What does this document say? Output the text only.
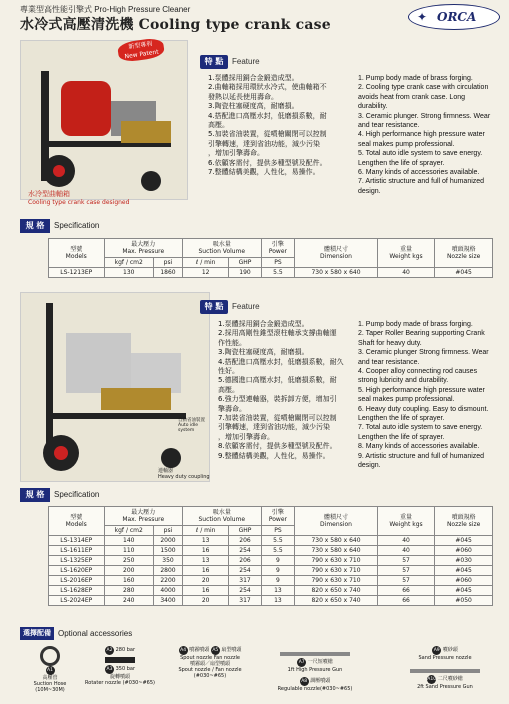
專業型高性能引擎式 Pro-High Pressure Cleaner
水冷式高壓清洗機 Cooling type crank case	✦ ORCA
新型專利
New Patent
水冷型曲軸箱
Cooling type crank case designed
特 點	Feature
1.泵體採用銅合金鍛造成型。
2.曲軸箱採用環狀水冷式，使曲軸箱不
發熱以延長使用壽命。
3.陶瓷柱塞硬度高，耐磨損。
4.搭配進口高壓水封，低磨損系數，耐
高壓。
5.加裝省油裝置，從噴槍關閉可以控制
引擎轉速，達到省油功能，減少污染
，增加引擎壽命。
6.依顧客需付，提供多種型號及配件。
7.整體結構美觀，人性化，易操作。
1. Pump body made of brass forging.
2. Cooling type crank case with circulation
avoids heat from crank case. Long
durability.
3. Ceramic plunger. Strong firmness. Wear
and tear resistance.
4. High performance high pressure water
seal makes pump professional.
5. Total auto idle system to save energy.
Lengthen the life of sprayer.
6. Many kinds of accessories available.
7. Artistic structure and full of humanized
design.
規 格	Specification
型號
Models	最大壓力
Max. Pressure		吸水量
Suction Volume		引擎
Power	體積尺寸
Dimension	重量
Weight kgs	噴頭規格
Nozzle size
	kgf / cm2	psi	ℓ / min	GHP	PS			
LS-1213EP	130	1860	12	190	5.5	730 x 580 x 640	40	#045
自動省油裝置
Auto idle
system
連軸器
Heavy duty coupling
特 點	Feature
1.泵體採用銅合金鍛造成型。
2.採用高剛性錐型滾柱軸承支撐曲軸運
作性能。
3.陶瓷柱塞硬度高，耐磨損。
4.搭配進口高壓水封，低磨損系數，耐久
性好。
5.德國進口高壓水封，低磨損系數，耐
高壓。
6.強力型連軸器，裝拆卸方便，增加引
擎壽命。
7.加裝省油裝置，從噴槍關閉可以控制
引擎轉速，達到省油功能，減少污染
，增加引擎壽命。
8.依顧客需付，提供多種型號及配件。
9.整體結構美觀，人性化，易操作。
1. Pump body made of brass forging.
2. Taper Roller Bearing supporting Crank
Shaft for heavy duty.
3. Ceramic plunger Strong firmness. Wear
and tear resistance.
4. Cooper alloy connecting rod causes
strong lubricity and durability.
5. High performance high pressure water
seal makes pump professional.
6. Heavy duty coupling. Easy to dismount.
Lengthen the life of sprayer.
7. Total auto idle system to save energy.
Lengthen the life of sprayer.
8. Many kinds of accessories available.
9. Artistic structure and full of humanized
design.
規 格	Specification
型號
Models	最大壓力
Max. Pressure		吸水量
Suction Volume		引擎
Power	體積尺寸
Dimension	重量
Weight kgs	噴頭規格
Nozzle size
	kgf / cm2	psi	ℓ / min	GHP	PS			
LS-1314EP	140	2000	13	206	5.5	730 x 580 x 640	40	#045
LS-1611EP	110	1500	16	254	5.5	730 x 580 x 640	40	#060
LS-1325EP	250	350	13	206	9	790 x 630 x 710	57	#030
LS-1620EP	200	2800	16	254	9	790 x 630 x 710	57	#045
LS-2016EP	160	2200	20	317	9	790 x 630 x 710	57	#060
LS-1628EP	280	4000	16	254	13	820 x 650 x 740	66	#045
LS-2024EP	240	3400	20	317	13	820 x 650 x 740	66	#050
選擇配備 Optional accessories
A1
高壓管
Suction Hose
(10M~30M)
A2 280 bar
A3 350 bar
旋轉噴頭
Rotater nozzle (#030~#65)
A4 噴霧噴頭 A5 扇型噴頭
Spout nozzle Fan nozzle
噴霧頭／扇型噴頭
Spout nozzle / Fan nozzle
(#030~#65)
A7 一尺短噴槍
1ft High Pressure Gun
A8 調壓噴頭
Regulable nozzle(#030~#65)
A9 噴砂頭
Sand Pressure nozzle
A10 二尺噴砂槍
2ft Sand Pressure Gun
